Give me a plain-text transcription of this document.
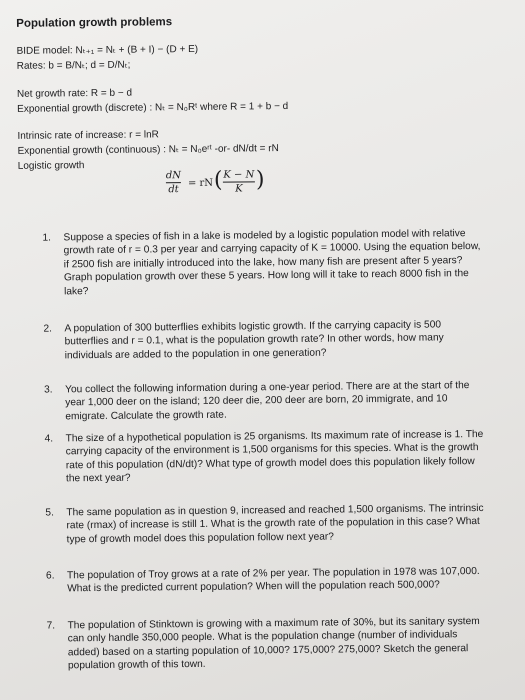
Population growth problems
BIDE model: Nₜ₊₁ = Nₜ + (B + I) − (D + E)
Rates: b = B/Nₜ; d = D/Nₜ;
Net growth rate: R = b − d
Exponential growth (discrete) : Nₜ = N₀Rᵗ where R = 1 + b − d
Intrinsic rate of increase: r = lnR
Exponential growth (continuous) : Nₜ = N₀eʳᵗ -or- dN/dt = rN
Logistic growth
dN
dt
= rN ( K − N
K )
1.	Suppose a species of fish in a lake is modeled by a logistic population model with relative growth rate of r = 0.3 per year and carrying capacity of K = 10000. Using the equation below, if 2500 fish are initially introduced into the lake, how many fish are present after 5 years? Graph population growth over these 5 years. How long will it take to reach 8000 fish in the lake?
2.	A population of 300 butterflies exhibits logistic growth. If the carrying capacity is 500 butterflies and r = 0.1, what is the population growth rate? In other words, how many individuals are added to the population in one generation?
3.	You collect the following information during a one-year period. There are at the start of the year 1,000 deer on the island; 120 deer die, 200 deer are born, 20 immigrate, and 10 emigrate. Calculate the growth rate.
4.	The size of a hypothetical population is 25 organisms. Its maximum rate of increase is 1. The carrying capacity of the environment is 1,500 organisms for this species. What is the growth rate of this population (dN/dt)? What type of growth model does this population likely follow the next year?
5.	The same population as in question 9, increased and reached 1,500 organisms. The intrinsic rate (rmax) of increase is still 1. What is the growth rate of the population in this case? What type of growth model does this population follow next year?
6.	The population of Troy grows at a rate of 2% per year. The population in 1978 was 107,000. What is the predicted current population? When will the population reach 500,000?
7.	The population of Stinktown is growing with a maximum rate of 30%, but its sanitary system can only handle 350,000 people. What is the population change (number of individuals added) based on a starting population of 10,000? 175,000? 275,000? Sketch the general population growth of this town.
